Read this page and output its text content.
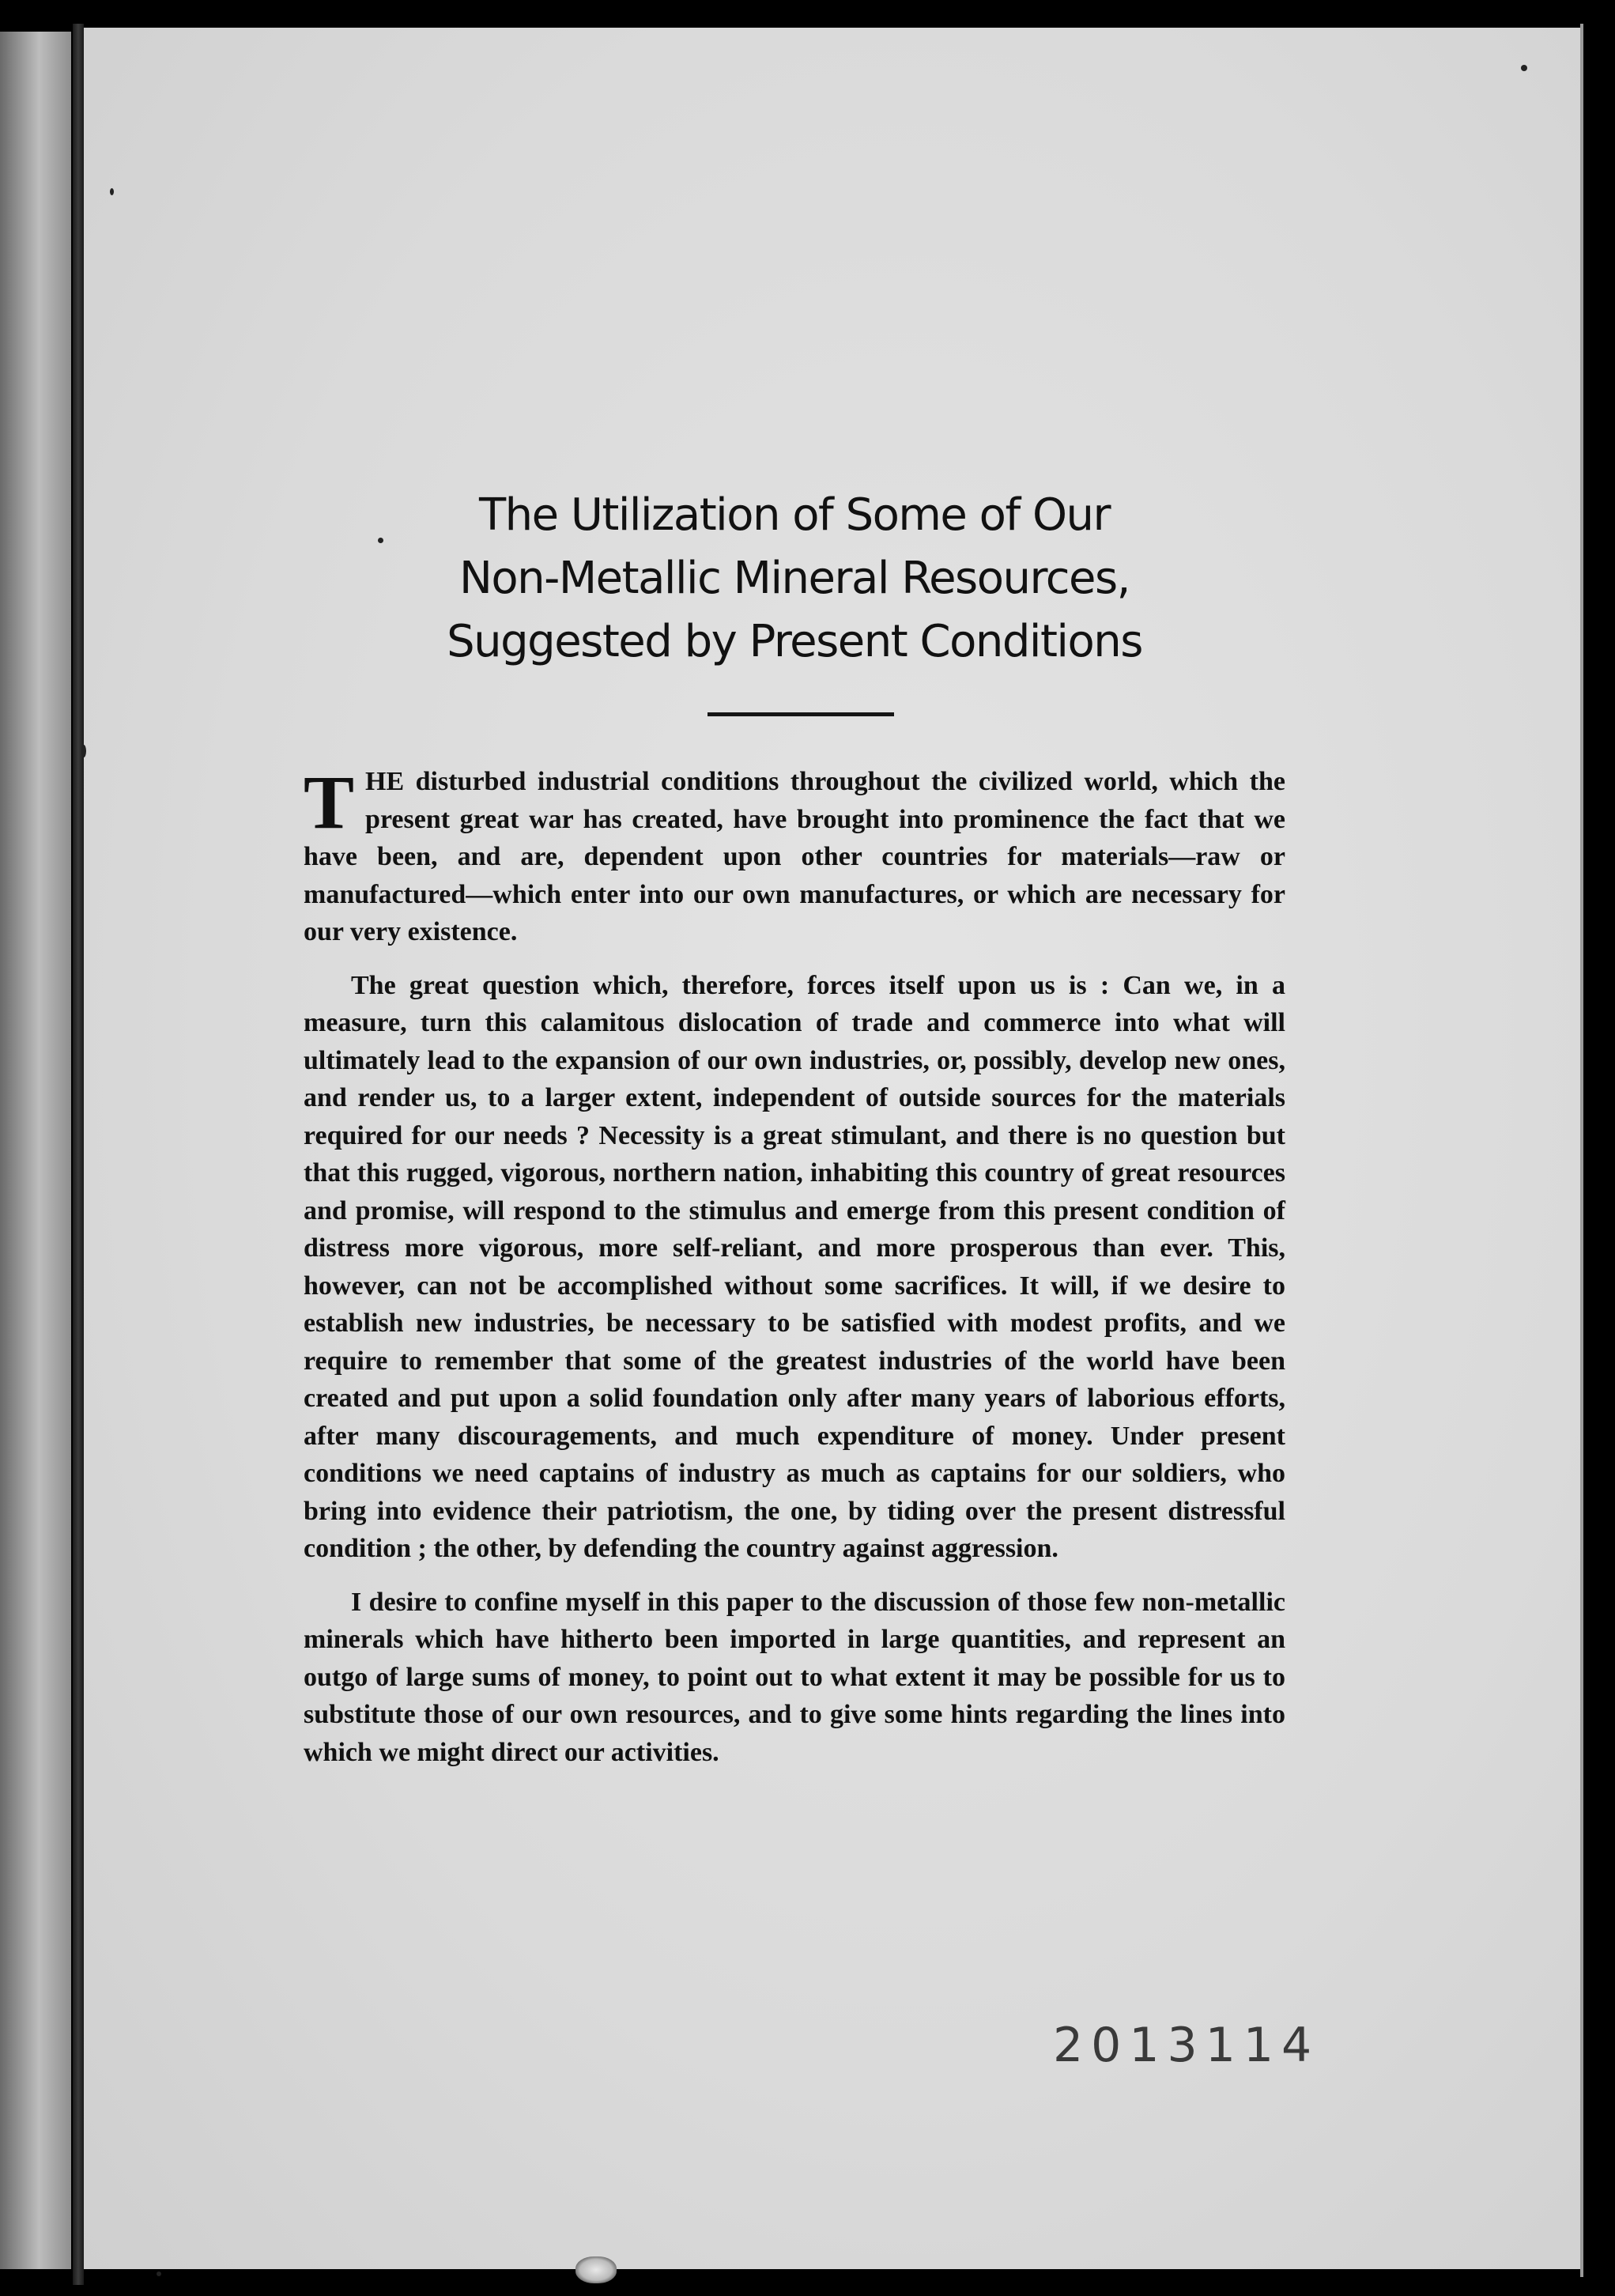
The Utilization of Some of Our
Non-Metallic Mineral Resources,
Suggested by Present Conditions

THE disturbed industrial conditions throughout the civilized world, which the present great war has created, have brought into prominence the fact that we have been, and are, dependent upon other countries for materials—raw or manufactured—which enter into our own manufactures, or which are necessary for our very existence.

The great question which, therefore, forces itself upon us is : Can we, in a measure, turn this calamitous dislocation of trade and commerce into what will ultimately lead to the expansion of our own industries, or, possibly, develop new ones, and render us, to a larger extent, independent of outside sources for the materials required for our needs ? Necessity is a great stimulant, and there is no question but that this rugged, vigorous, northern nation, inhabiting this country of great resources and promise, will respond to the stimulus and emerge from this present condition of distress more vigorous, more self-reliant, and more prosperous than ever. This, however, can not be accomplished without some sacrifices. It will, if we desire to establish new industries, be necessary to be satisfied with modest profits, and we require to remember that some of the greatest industries of the world have been created and put upon a solid foundation only after many years of laborious efforts, after many discouragements, and much expenditure of money. Under present conditions we need captains of industry as much as captains for our soldiers, who bring into evidence their patriotism, the one, by tiding over the present distressful condition ; the other, by defending the country against aggression.

I desire to confine myself in this paper to the discussion of those few non-metallic minerals which have hitherto been imported in large quantities, and represent an outgo of large sums of money, to point out to what extent it may be possible for us to substitute those of our own resources, and to give some hints regarding the lines into which we might direct our activities.

2013114
